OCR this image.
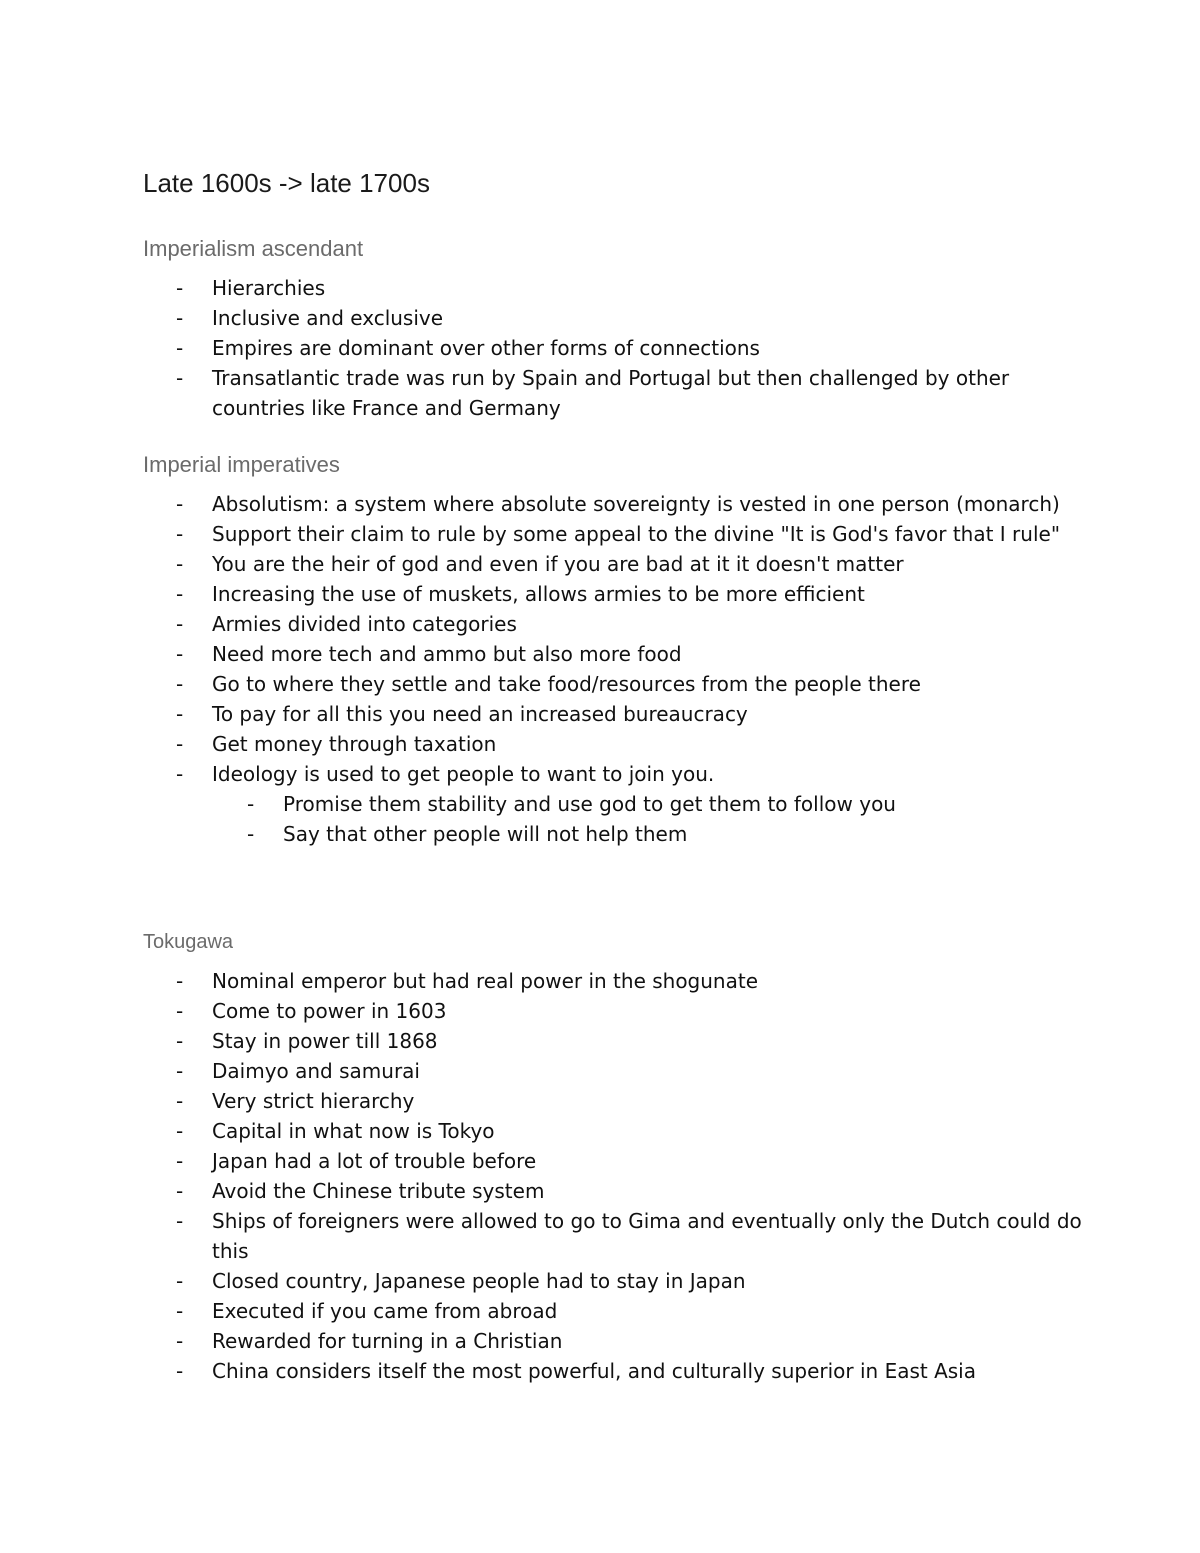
Late 1600s -> late 1700s
Imperialism ascendant
- Hierarchies
- Inclusive and exclusive
- Empires are dominant over other forms of connections
- Transatlantic trade was run by Spain and Portugal but then challenged by other countries like France and Germany
Imperial imperatives
- Absolutism: a system where absolute sovereignty is vested in one person (monarch)
- Support their claim to rule by some appeal to the divine "It is God's favor that I rule"
- You are the heir of god and even if you are bad at it it doesn't matter
- Increasing the use of muskets, allows armies to be more efficient
- Armies divided into categories
- Need more tech and ammo but also more food
- Go to where they settle and take food/resources from the people there
- To pay for all this you need an increased bureaucracy
- Get money through taxation
- Ideology is used to get people to want to join you.
- Promise them stability and use god to get them to follow you
- Say that other people will not help them
Tokugawa
- Nominal emperor but had real power in the shogunate
- Come to power in 1603
- Stay in power till 1868
- Daimyo and samurai
- Very strict hierarchy
- Capital in what now is Tokyo
- Japan had a lot of trouble before
- Avoid the Chinese tribute system
- Ships of foreigners were allowed to go to Gima and eventually only the Dutch could do this
- Closed country, Japanese people had to stay in Japan
- Executed if you came from abroad
- Rewarded for turning in a Christian
- China considers itself the most powerful, and culturally superior in East Asia
